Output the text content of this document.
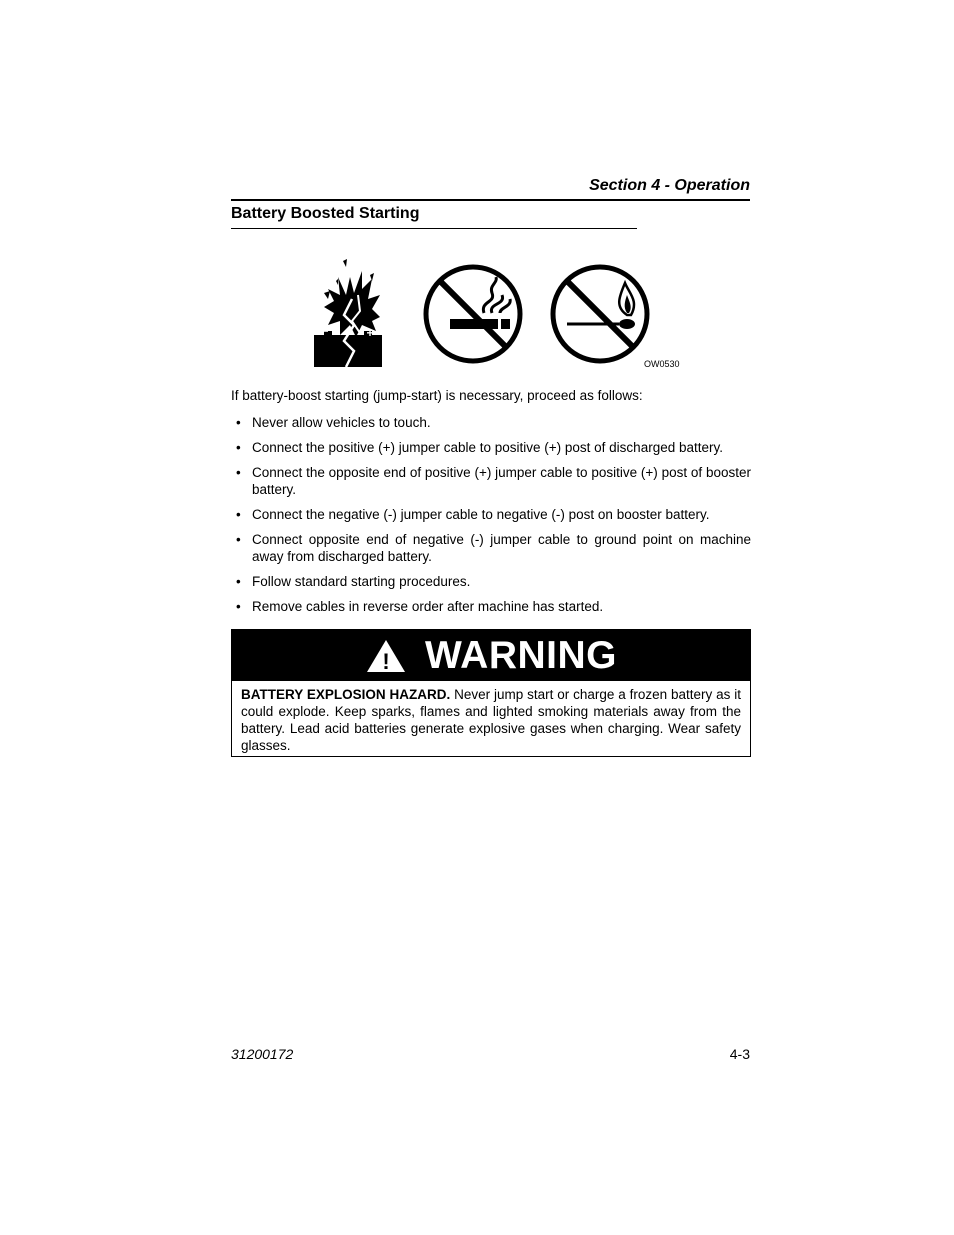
Section 4 - Operation
Battery Boosted Starting
−	+
OW0530
If battery-boost starting (jump-start) is necessary, proceed as follows:
• Never allow vehicles to touch.
• Connect the positive (+) jumper cable to positive (+) post of discharged battery.
• Connect the opposite end of positive (+) jumper cable to positive (+) post of booster battery.
• Connect the negative (-) jumper cable to negative (-) post on booster battery.
• Connect opposite end of negative (-) jumper cable to ground point on machine away from discharged battery.
• Follow standard starting procedures.
• Remove cables in reverse order after machine has started.
! WARNING
BATTERY EXPLOSION HAZARD. Never jump start or charge a frozen battery as it could explode. Keep sparks, flames and lighted smoking materials away from the battery. Lead acid batteries generate explosive gases when charging. Wear safety glasses.
31200172	4-3
